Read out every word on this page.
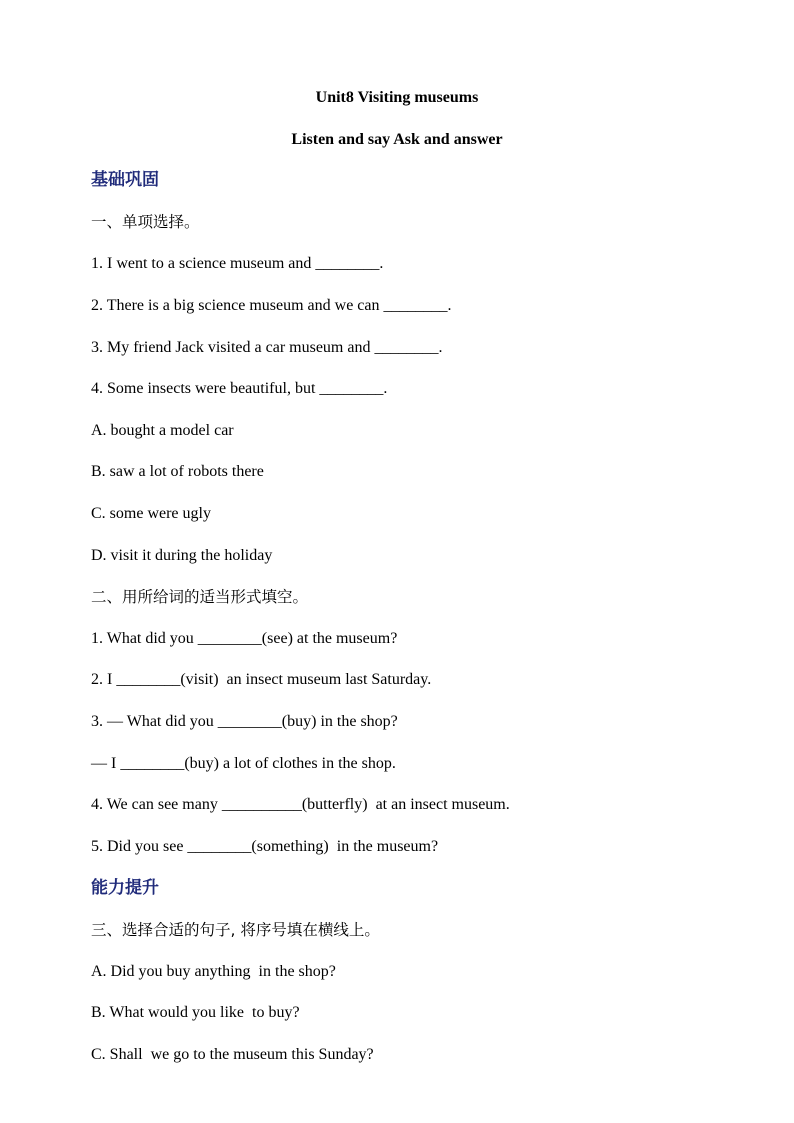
Unit8 Visiting museums
Listen and say Ask and answer
基础巩固
一、单项选择。
1. I went to a science museum and ________.
2. There is a big science museum and we can ________.
3. My friend Jack visited a car museum and ________.
4. Some insects were beautiful, but ________.
A. bought a model car
B. saw a lot of robots there
C. some were ugly
D. visit it during the holiday
二、用所给词的适当形式填空。
1. What did you ________(see) at the museum?
2. I ________(visit)  an insect museum last Saturday.
3. — What did you ________(buy) in the shop?
— I ________(buy) a lot of clothes in the shop.
4. We can see many __________(butterfly)  at an insect museum.
5. Did you see ________(something)  in the museum?
能力提升
三、选择合适的句子, 将序号填在横线上。
A. Did you buy anything  in the shop?
B. What would you like  to buy?
C. Shall  we go to the museum this Sunday?
